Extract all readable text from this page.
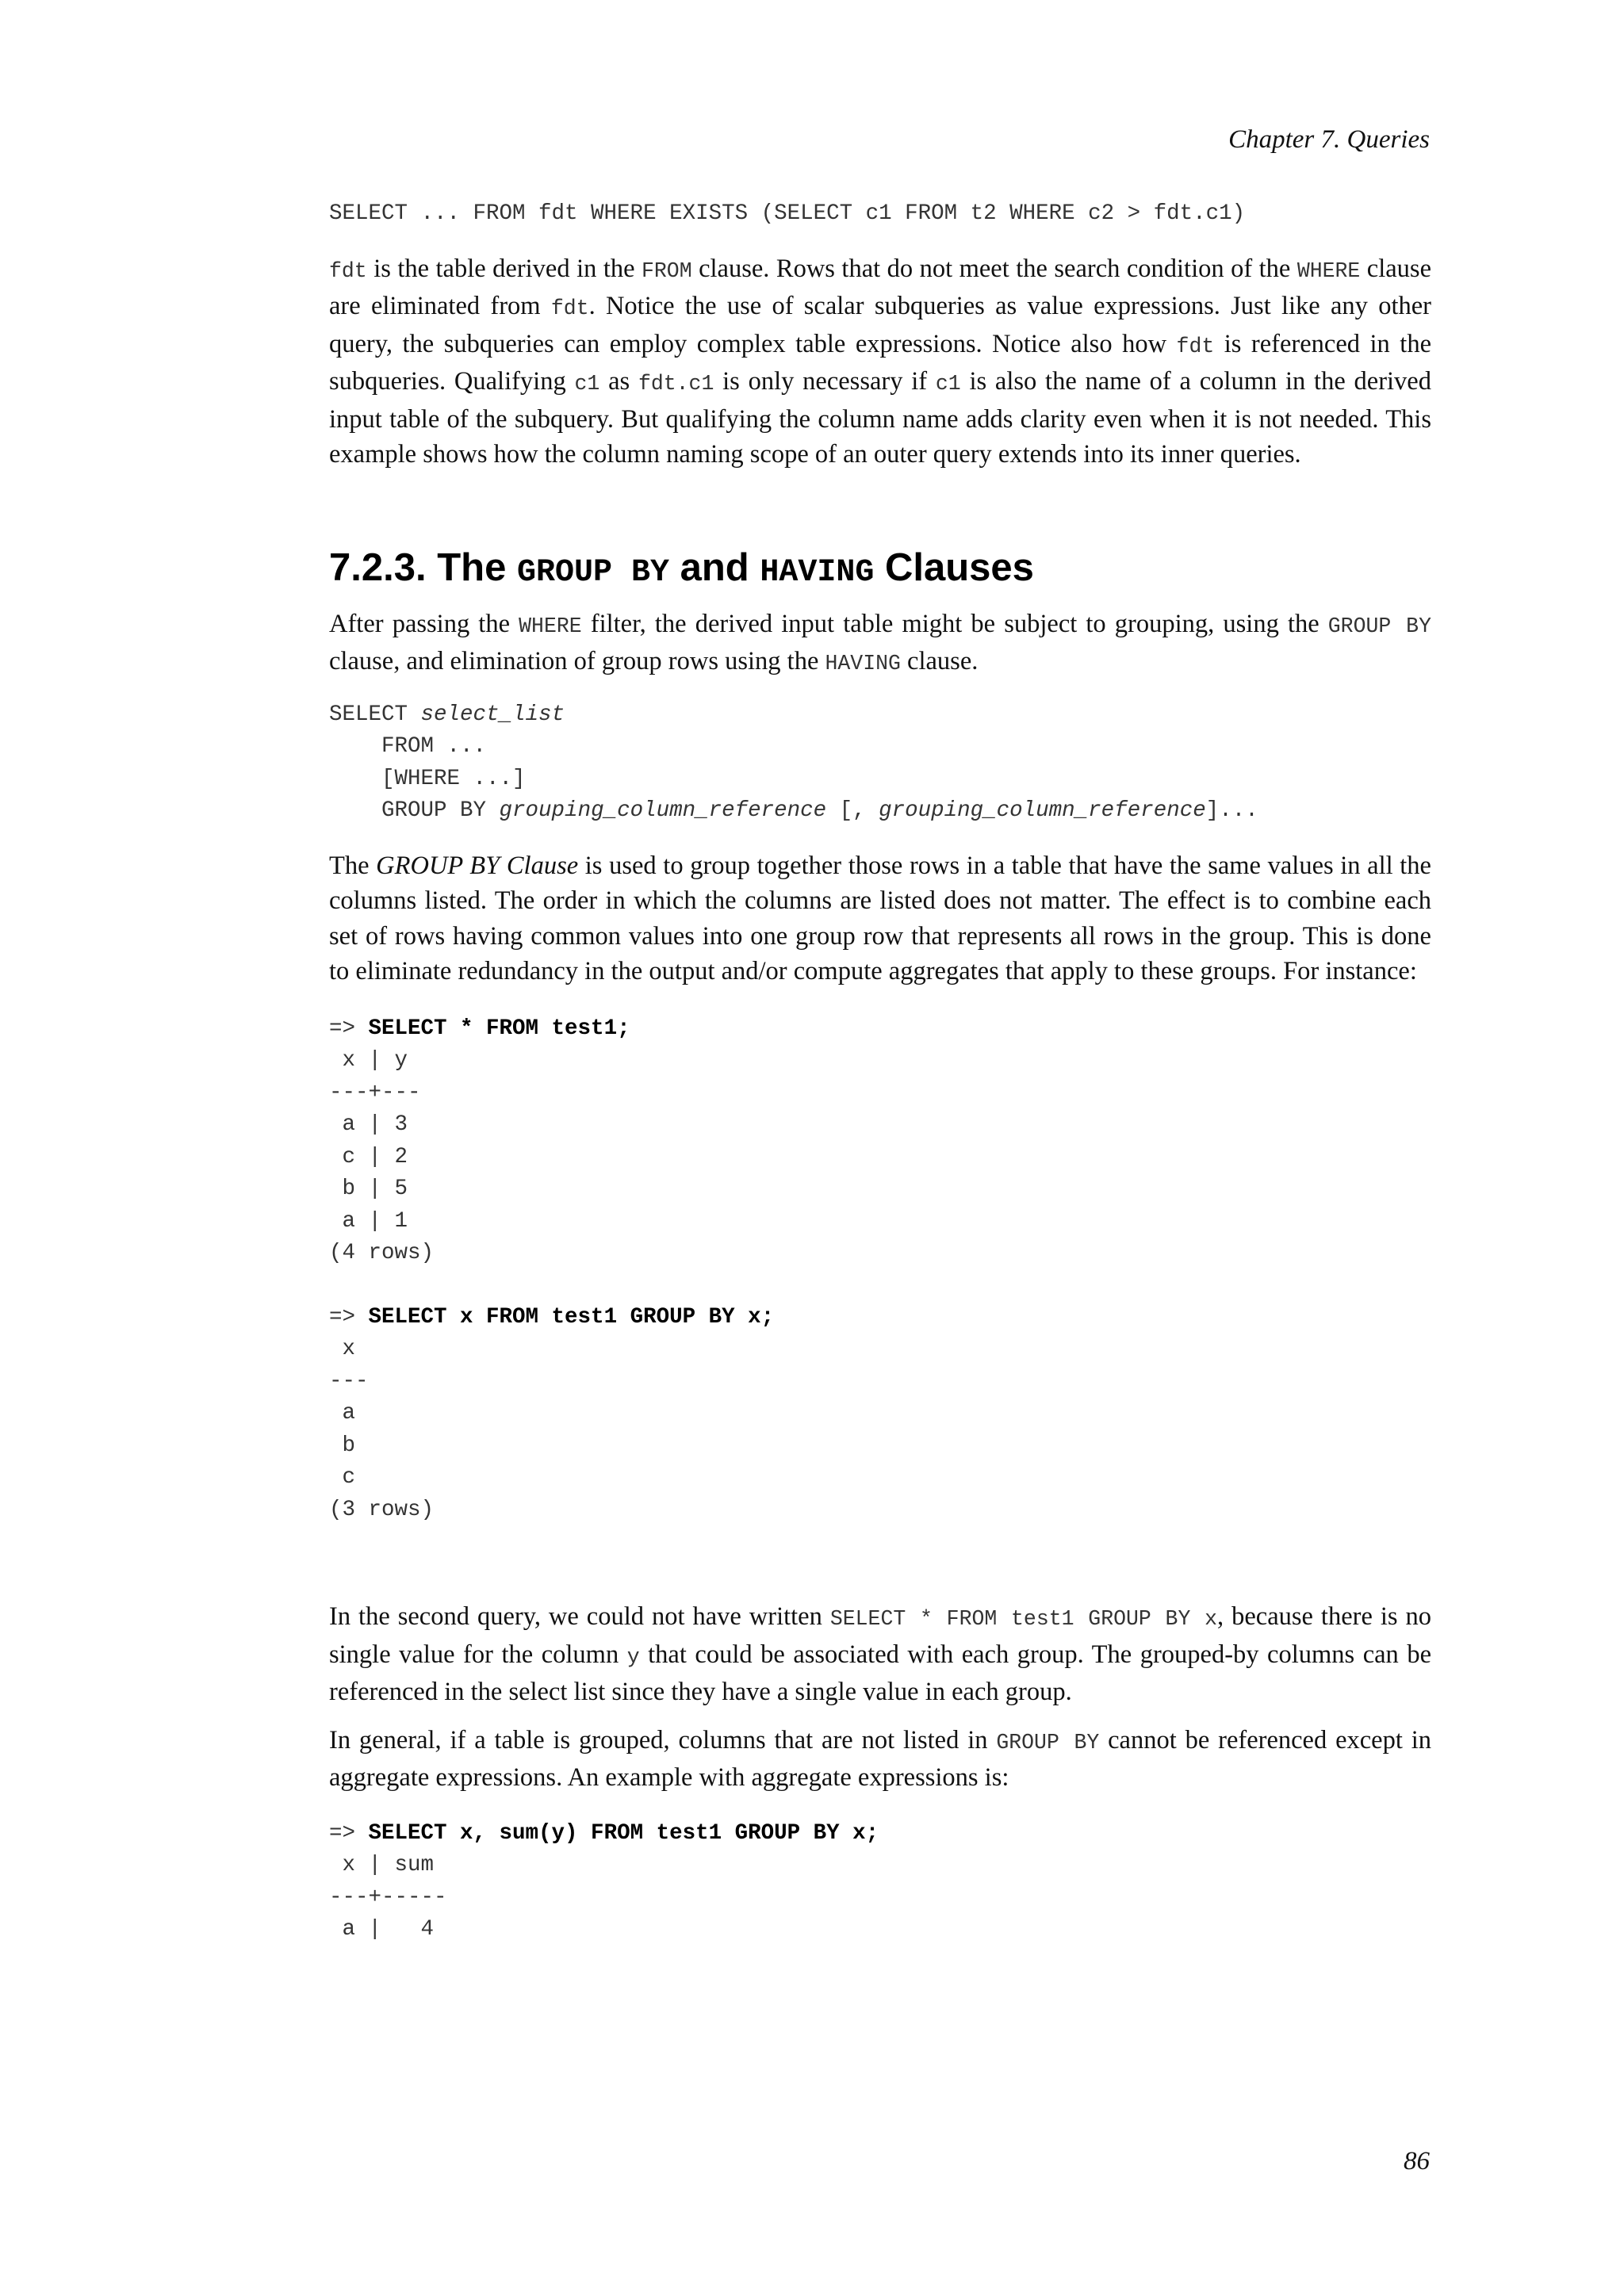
Chapter 7. Queries
SELECT ... FROM fdt WHERE EXISTS (SELECT c1 FROM t2 WHERE c2 > fdt.c1)

fdt is the table derived in the FROM clause. Rows that do not meet the search condition of the WHERE clause are eliminated from fdt. Notice the use of scalar subqueries as value expressions. Just like any other query, the subqueries can employ complex table expressions. Notice also how fdt is referenced in the subqueries. Qualifying c1 as fdt.c1 is only necessary if c1 is also the name of a column in the derived input table of the subquery. But qualifying the column name adds clarity even when it is not needed. This example shows how the column naming scope of an outer query extends into its inner queries.

7.2.3. The GROUP BY and HAVING Clauses

After passing the WHERE filter, the derived input table might be subject to grouping, using the GROUP BY clause, and elimination of group rows using the HAVING clause.

SELECT select_list
FROM ...
[WHERE ...]
GROUP BY grouping_column_reference [, grouping_column_reference]...

The GROUP BY Clause is used to group together those rows in a table that have the same values in all the columns listed. The order in which the columns are listed does not matter. The effect is to combine each set of rows having common values into one group row that represents all rows in the group. This is done to eliminate redundancy in the output and/or compute aggregates that apply to these groups. For instance:

=> SELECT * FROM test1;
x | y
---+---
a | 3
c | 2
b | 5
a | 1
(4 rows)
=> SELECT x FROM test1 GROUP BY x;
x
---
a
b
c
(3 rows)

In the second query, we could not have written SELECT * FROM test1 GROUP BY x, because there is no single value for the column y that could be associated with each group. The grouped-by columns can be referenced in the select list since they have a single value in each group.

In general, if a table is grouped, columns that are not listed in GROUP BY cannot be referenced except in aggregate expressions. An example with aggregate expressions is:

=> SELECT x, sum(y) FROM test1 GROUP BY x;
x | sum
---+-----
a |   4
86
